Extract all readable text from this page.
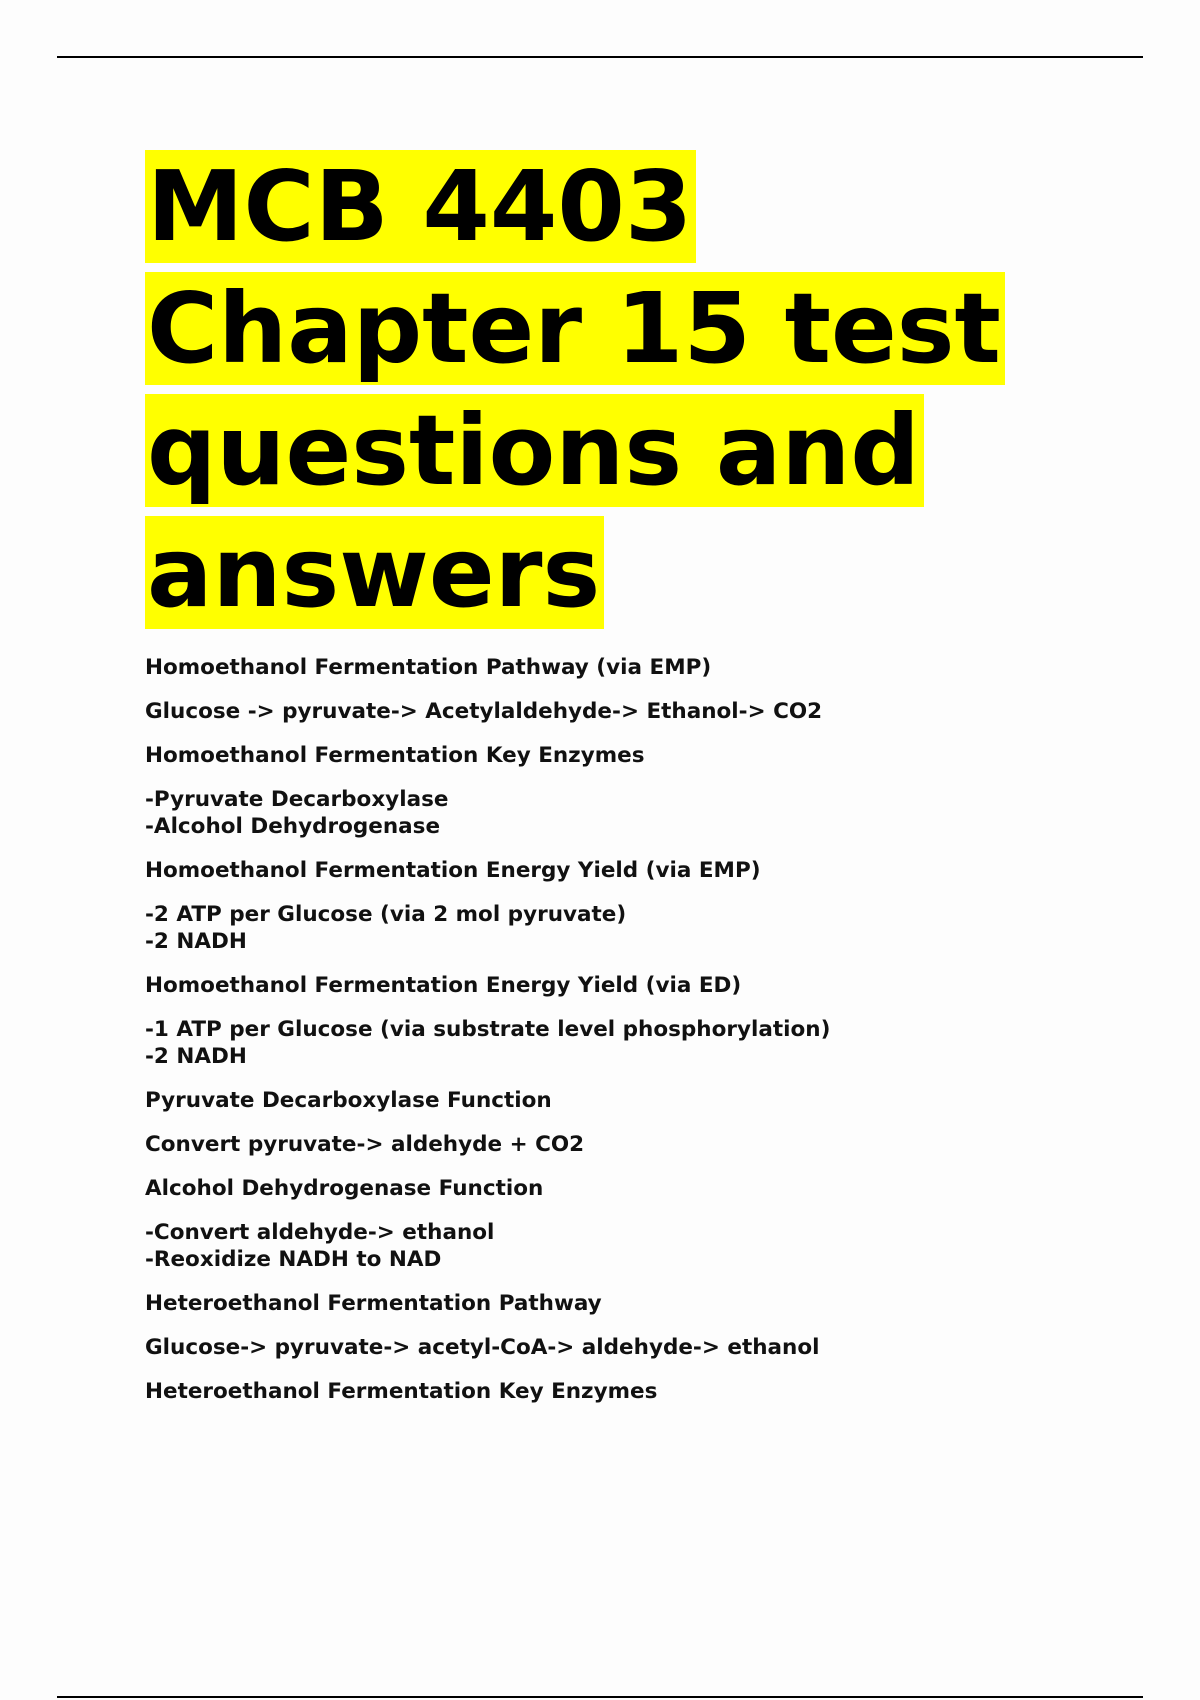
MCB 4403
Chapter 15 test
questions and
answers
Homoethanol Fermentation Pathway (via EMP)
Glucose -> pyruvate-> Acetylaldehyde-> Ethanol-> CO2
Homoethanol Fermentation Key Enzymes
-Pyruvate Decarboxylase
-Alcohol Dehydrogenase
Homoethanol Fermentation Energy Yield (via EMP)
-2 ATP per Glucose (via 2 mol pyruvate)
-2 NADH
Homoethanol Fermentation Energy Yield (via ED)
-1 ATP per Glucose (via substrate level phosphorylation)
-2 NADH
Pyruvate Decarboxylase Function
Convert pyruvate-> aldehyde + CO2
Alcohol Dehydrogenase Function
-Convert aldehyde-> ethanol
-Reoxidize NADH to NAD
Heteroethanol Fermentation Pathway
Glucose-> pyruvate-> acetyl-CoA-> aldehyde-> ethanol
Heteroethanol Fermentation Key Enzymes
